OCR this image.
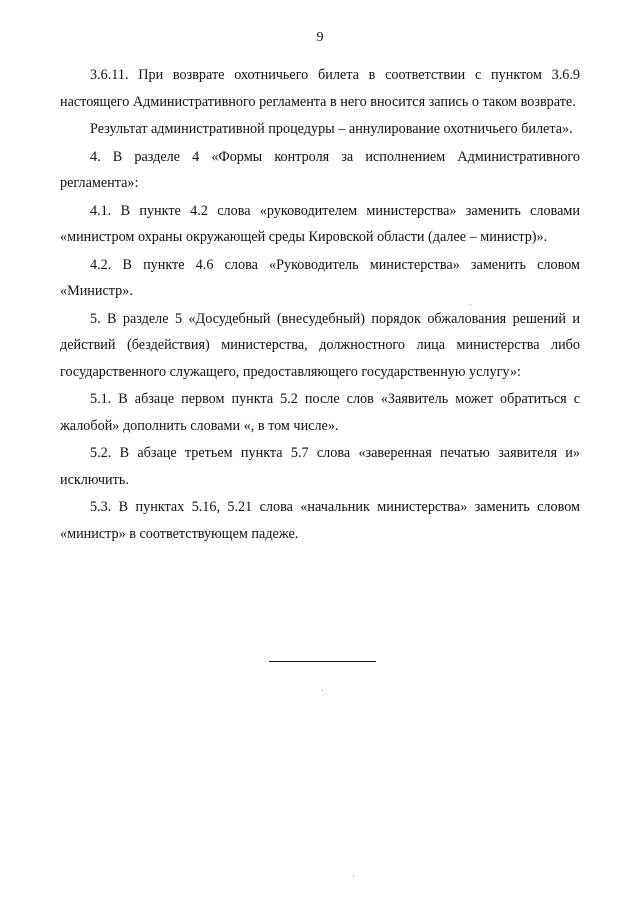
9

3.6.11. При возврате охотничьего билета в соответствии с пунктом 3.6.9 настоящего Административного регламента в него вносится запись о таком возврате.

Результат административной процедуры – аннулирование охотничьего билета».

4. В разделе 4 «Формы контроля за исполнением Административного регламента»:

4.1. В пункте 4.2 слова «руководителем министерства» заменить словами «министром охраны окружающей среды Кировской области (далее – министр)».

4.2. В пункте 4.6 слова «Руководитель министерства» заменить словом «Министр».

5. В разделе 5 «Досудебный (внесудебный) порядок обжалования решений и действий (бездействия) министерства, должностного лица министерства либо государственного служащего, предоставляющего государственную услугу»:

5.1. В абзаце первом пункта 5.2 после слов «Заявитель может обратиться с жалобой» дополнить словами «, в том числе».

5.2. В абзаце третьем пункта 5.7 слова «заверенная печатью заявителя и» исключить.

5.3. В пунктах 5.16, 5.21 слова «начальник министерства» заменить словом «министр» в соответствующем падеже.
